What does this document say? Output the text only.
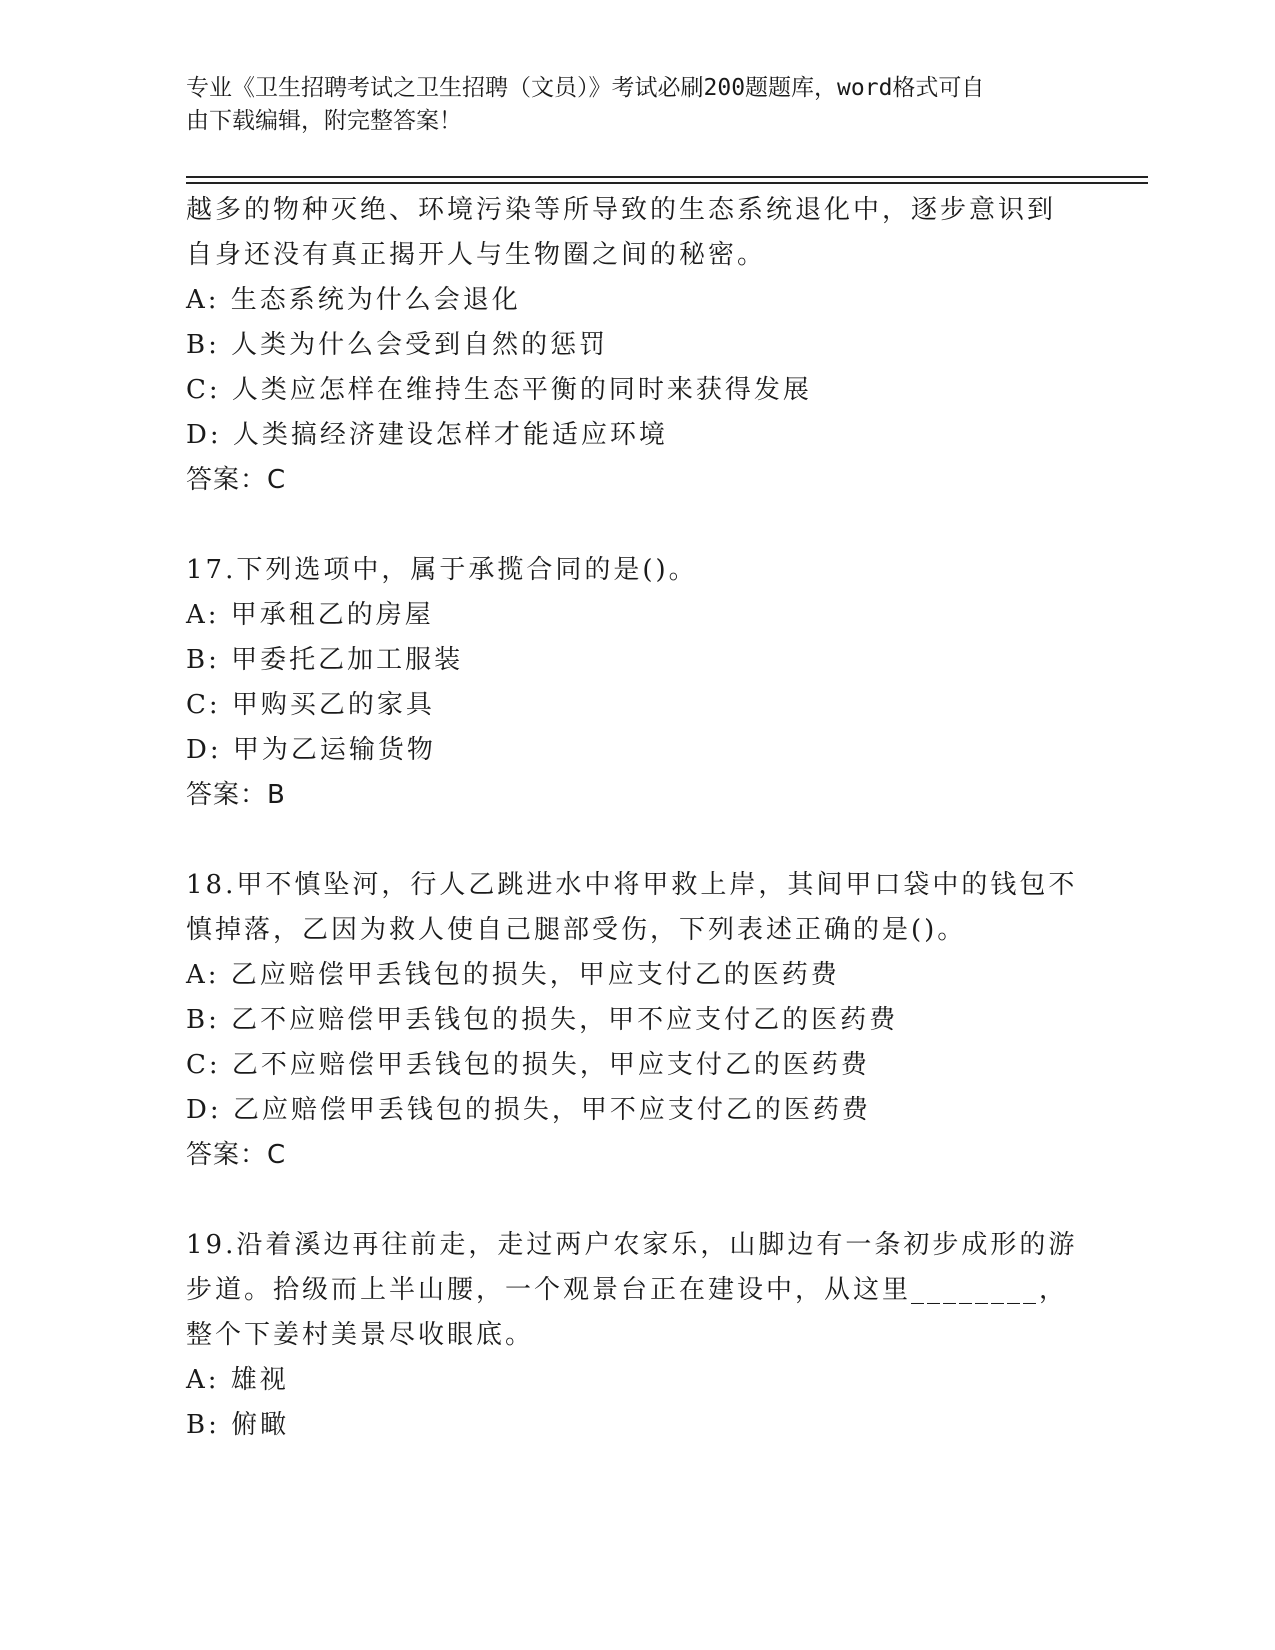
专业《卫生招聘考试之卫生招聘（文员）》考试必刷200题题库，word格式可自
由下载编辑，附完整答案！
越多的物种灭绝、环境污染等所导致的生态系统退化中，逐步意识到
自身还没有真正揭开人与生物圈之间的秘密。
A: 生态系统为什么会退化
B: 人类为什么会受到自然的惩罚
C: 人类应怎样在维持生态平衡的同时来获得发展
D: 人类搞经济建设怎样才能适应环境
答案：C
17.下列选项中，属于承揽合同的是()。
A: 甲承租乙的房屋
B: 甲委托乙加工服装
C: 甲购买乙的家具
D: 甲为乙运输货物
答案：B
18.甲不慎坠河，行人乙跳进水中将甲救上岸，其间甲口袋中的钱包不
慎掉落，乙因为救人使自己腿部受伤，下列表述正确的是()。
A: 乙应赔偿甲丢钱包的损失，甲应支付乙的医药费
B: 乙不应赔偿甲丢钱包的损失，甲不应支付乙的医药费
C: 乙不应赔偿甲丢钱包的损失，甲应支付乙的医药费
D: 乙应赔偿甲丢钱包的损失，甲不应支付乙的医药费
答案：C
19.沿着溪边再往前走，走过两户农家乐，山脚边有一条初步成形的游
步道。拾级而上半山腰，一个观景台正在建设中，从这里________，
整个下姜村美景尽收眼底。
A: 雄视
B: 俯瞰
